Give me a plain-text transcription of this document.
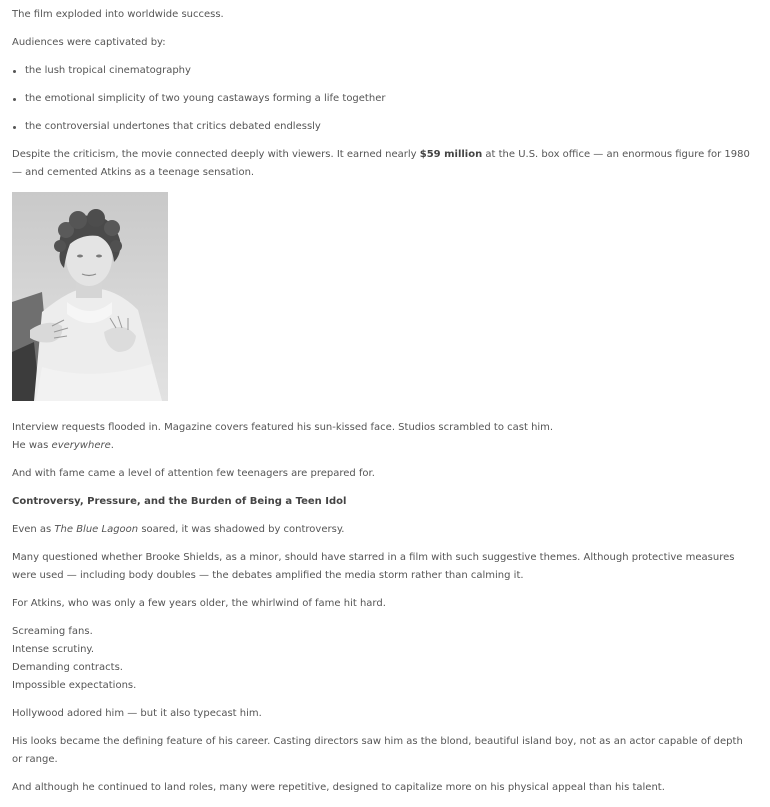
The film exploded into worldwide success.

Audiences were captivated by:

the lush tropical cinematography
the emotional simplicity of two young castaways forming a life together
the controversial undertones that critics debated endlessly

Despite the criticism, the movie connected deeply with viewers. It earned nearly $59 million at the U.S. box office — an enormous figure for 1980 — and cemented Atkins as a teenage sensation.

Interview requests flooded in. Magazine covers featured his sun-kissed face. Studios scrambled to cast him.
He was everywhere.

And with fame came a level of attention few teenagers are prepared for.

Controversy, Pressure, and the Burden of Being a Teen Idol

Even as The Blue Lagoon soared, it was shadowed by controversy.

Many questioned whether Brooke Shields, as a minor, should have starred in a film with such suggestive themes. Although protective measures were used — including body doubles — the debates amplified the media storm rather than calming it.

For Atkins, who was only a few years older, the whirlwind of fame hit hard.

Screaming fans.
Intense scrutiny.
Demanding contracts.
Impossible expectations.

Hollywood adored him — but it also typecast him.

His looks became the defining feature of his career. Casting directors saw him as the blond, beautiful island boy, not as an actor capable of depth or range.

And although he continued to land roles, many were repetitive, designed to capitalize more on his physical appeal than his talent.
